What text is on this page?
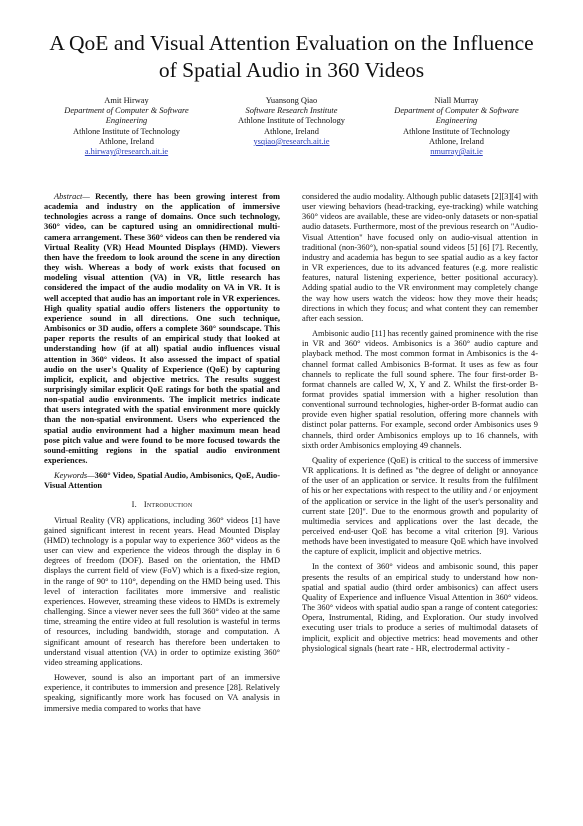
A QoE and Visual Attention Evaluation on the Influence of Spatial Audio in 360 Videos
Amit Hirway
Department of Computer & Software Engineering
Athlone Institute of Technology
Athlone, Ireland
a.hirway@research.ait.ie
Yuansong Qiao
Software Research Institute
Athlone Institute of Technology
Athlone, Ireland
ysqiao@research.ait.ie
Niall Murray
Department of Computer & Software Engineering
Athlone Institute of Technology
Athlone, Ireland
nmurray@ait.ie

Abstract— Recently, there has been growing interest from academia and industry on the application of immersive technologies across a range of domains. Once such technology, 360° video, can be captured using an omnidirectional multi-camera arrangement. These 360° videos can then be rendered via Virtual Reality (VR) Head Mounted Displays (HMD). Viewers then have the freedom to look around the scene in any direction they wish. Whereas a body of work exists that focused on modeling visual attention (VA) in VR, little research has considered the impact of the audio modality on VA in VR. It is well accepted that audio has an important role in VR experiences. High quality spatial audio offers listeners the opportunity to experience sound in all directions. One such technique, Ambisonics or 3D audio, offers a complete 360° soundscape. This paper reports the results of an empirical study that looked at understanding how (if at all) spatial audio influences visual attention in 360° videos. It also assessed the impact of spatial audio on the user's Quality of Experience (QoE) by capturing implicit, explicit, and objective metrics. The results suggest surprisingly similar explicit QoE ratings for both the spatial and non-spatial audio environments. The implicit metrics indicate that users integrated with the spatial environment more quickly than the non-spatial environment. Users who experienced the spatial audio environment had a higher maximum mean head pose pitch value and were found to be more focused towards the sound-emitting regions in the spatial audio environment experiences.

Keywords—360° Video, Spatial Audio, Ambisonics, QoE, Audio-Visual Attention

I. Introduction

Virtual Reality (VR) applications, including 360° videos [1] have gained significant interest in recent years. Head Mounted Display (HMD) technology is a popular way to experience 360° videos as the user can view and experience the videos through the display in 6 degrees of freedom (DOF). Based on the orientation, the HMD displays the current field of view (FoV) which is a fixed-size region, in the range of 90° to 110°, depending on the HMD being used. This level of interaction facilitates more immersive and realistic experiences. However, streaming these videos to HMDs is extremely challenging. Since a viewer never sees the full 360° video at the same time, streaming the entire video at full resolution is wasteful in terms of resources, including bandwidth, storage and computation. A significant amount of research has therefore been undertaken to understand visual attention (VA) in order to optimize existing 360° video streaming applications.

However, sound is also an important part of an immersive experience, it contributes to immersion and presence [28]. Relatively speaking, significantly more work has focused on VA analysis in immersive media compared to works that have

considered the audio modality. Although public datasets [2][3][4] with user viewing behaviors (head-tracking, eye-tracking) while watching 360° videos are available, these are video-only datasets or non-spatial audio datasets. Furthermore, most of the previous research on "Audio-Visual Attention" have focused only on audio-visual attention in traditional (non-360°), non-spatial sound videos [5] [6] [7]. Recently, industry and academia has begun to see spatial audio as a key factor in VR experiences, due to its advanced features (e.g. more realistic features, natural listening experience, better positional accuracy). Adding spatial audio to the VR environment may completely change the way how users watch the videos: how they move their heads; directions in which they focus; and what content they can remember after each session.

Ambisonic audio [11] has recently gained prominence with the rise in VR and 360° videos. Ambisonics is a 360° audio capture and playback method. The most common format in Ambisonics is the 4-channel format called Ambisonics B-format. It uses as few as four channels to replicate the full sound sphere. The four first-order B-format channels are called W, X, Y and Z. Whilst the first-order B-format provides spatial immersion with a higher resolution than conventional surround technologies, higher-order B-format audio can provide even higher spatial resolution, offering more channels with distinct polar patterns. For example, second order Ambisonics uses 9 channels, third order Ambisonics employs up to 16 channels, with sixth order Ambisonics employing 49 channels.

Quality of experience (QoE) is critical to the success of immersive VR applications. It is defined as "the degree of delight or annoyance of the user of an application or service. It results from the fulfilment of his or her expectations with respect to the utility and / or enjoyment of the application or service in the light of the user's personality and current state [20]". Due to the enormous growth and popularity of multimedia services and applications over the last decade, the perceived end-user QoE has become a vital criterion [9]. Various methods have been investigated to measure QoE which have involved the capture of explicit, implicit and objective metrics.

In the context of 360° videos and ambisonic sound, this paper presents the results of an empirical study to understand how non-spatial and spatial audio (third order ambisonics) can affect users Quality of Experience and influence Visual Attention in 360° videos. The 360° videos with spatial audio span a range of content categories: Opera, Instrumental, Riding, and Exploration. Our study involved executing user trials to produce a series of multimodal datasets of implicit, explicit and objective metrics: head movements and other physiological signals (heart rate - HR, electrodermal activity -
